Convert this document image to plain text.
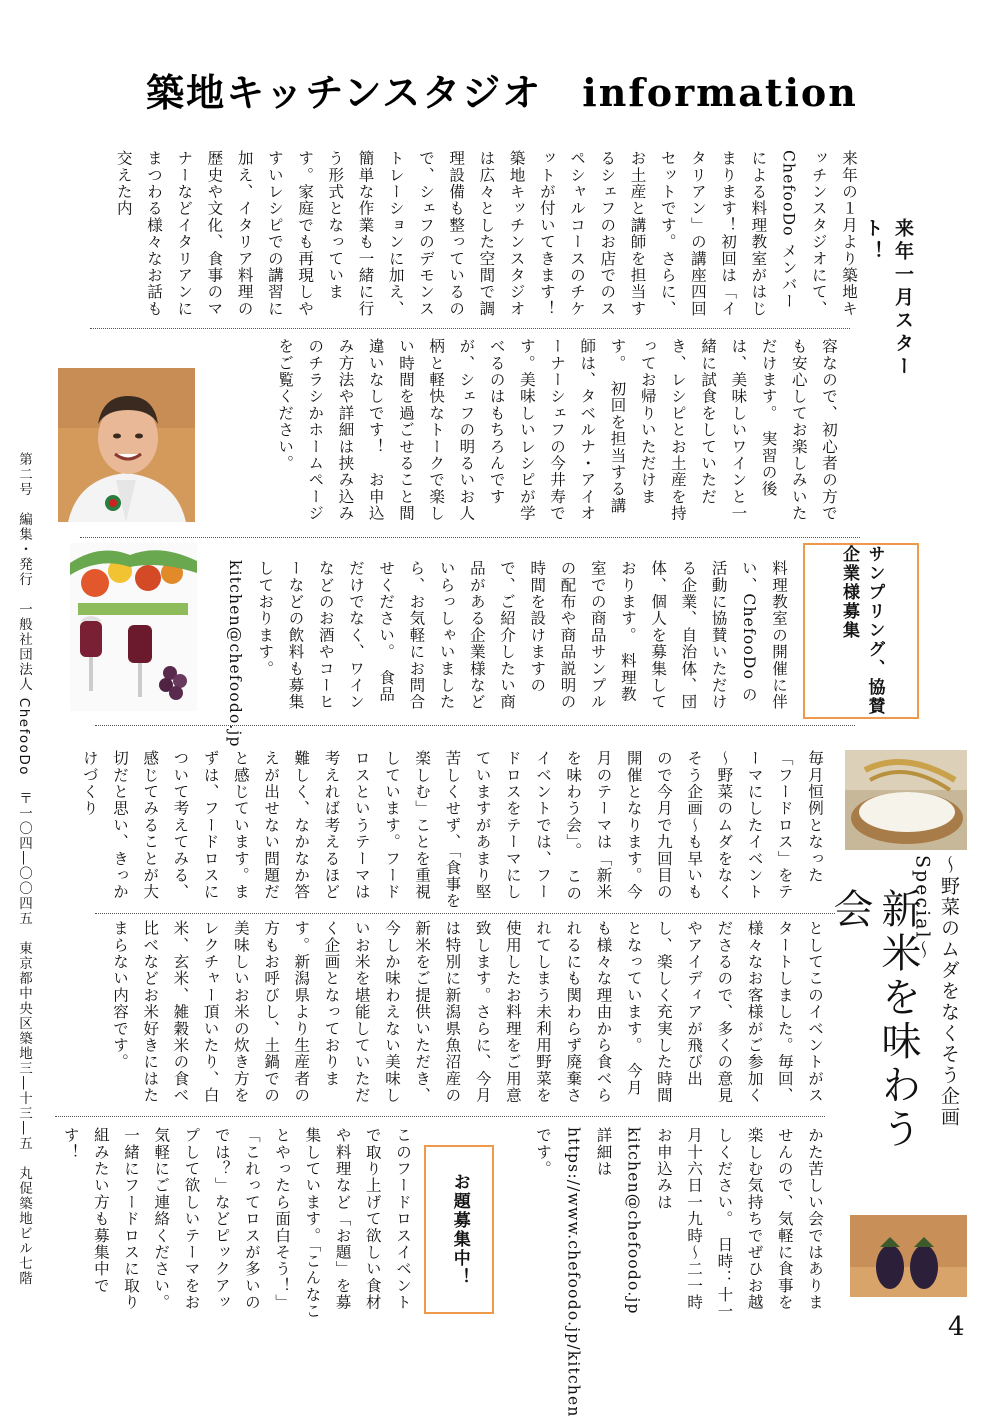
築地キッチンスタジオ　information
来年一月スタート！
来年の１月より築地キッチンスタジオにて、ChefooDo メンバーによる料理教室がはじまります！初回は「イタリアン」の講座四回セットです。さらに、お土産と講師を担当するシェフのお店でのスペシャルコースのチケットが付いてきます！　築地キッチンスタジオは広々とした空間で調理設備も整っているので、シェフのデモンストレーションに加え、簡単な作業も一緒に行う形式となっています。家庭でも再現しやすいレシピでの講習に加え、イタリア料理の歴史や文化、食事のマナーなどイタリアンにまつわる様々なお話も交えた内
容なので、初心者の方でも安心してお楽しみいただけます。　実習の後は、美味しいワインと一緒に試食をしていただき、レシピとお土産を持ってお帰りいただけます。　初回を担当する講師は、タベルナ・アイオーナーシェフの今井寿です。美味しいレシピが学べるのはもちろんですが、シェフの明るいお人柄と軽快なトークで楽しい時間を過ごせること間違いなしです！　お申込み方法や詳細は挟み込みのチラシかホームページをご覧ください。
サンプリング、協賛企業様募集
料理教室の開催に伴い、ChefooDo の活動に協賛いただける企業、自治体、団体、個人を募集しております。　料理教室での商品サンプルの配布や商品説明の時間を設けますので、ご紹介したい商品がある企業様などいらっしゃいましたら、お気軽にお問合せください。　食品だけでなく、ワインなどのお酒やコーヒーなどの飲料も募集しております。kitchen@chefoodo.jp
新米を味わう会	～野菜のムダをなくそう企画 Special～
毎月恒例となった「フードロス」をテーマにしたイベント～野菜のムダをなくそう企画～も早いもので今月で九回目の開催となります。今月のテーマは「新米を味わう会」。　このイベントでは、フードロスをテーマにしていますがあまり堅苦しくせず、「食事を楽しむ」ことを重視しています。フードロスというテーマは考えれば考えるほど難しく、なかなか答えが出せない問題だと感じています。まずは、フードロスについて考えてみる、感じてみることが大切だと思い、きっかけづくり
としてこのイベントがスタートしました。毎回、様々なお客様がご参加くださるので、多くの意見やアイディアが飛び出し、楽しく充実した時間となっています。　今月も様々な理由から食べられるにも関わらず廃棄されてしまう未利用野菜を使用したお料理をご用意致します。さらに、今月は特別に新潟県魚沼産の新米をご提供いただき、今しか味わえない美味しいお米を堪能していただく企画となっております。新潟県より生産者の方もお呼びし、土鍋での美味しいお米の炊き方をレクチャー頂いたり、白米、玄米、雑穀米の食べ比べなどお米好きにはたまらない内容です。
かた苦しい会ではありませんので、気軽に食事を楽しむ気持ちでぜひお越しください。　日時：十一月十六日一九時～二一時　お申込みは kitchen@chefoodo.jp 詳細は https://www.chefoodo.jp/kitchen です。
お題募集中！
このフードロスイベントで取り上げて欲しい食材や料理など「お題」を募集しています。「こんなことやったら面白そう！」「これってロスが多いのでは？」などピックアップして欲しいテーマをお気軽にご連絡ください。一緒にフードロスに取り組みたい方も募集中です！
第二号　編集・発行　一般社団法人 ChefooDo　〒一〇四―〇〇四五　東京都中央区築地三―十三―五　丸促築地ビル七階
4
